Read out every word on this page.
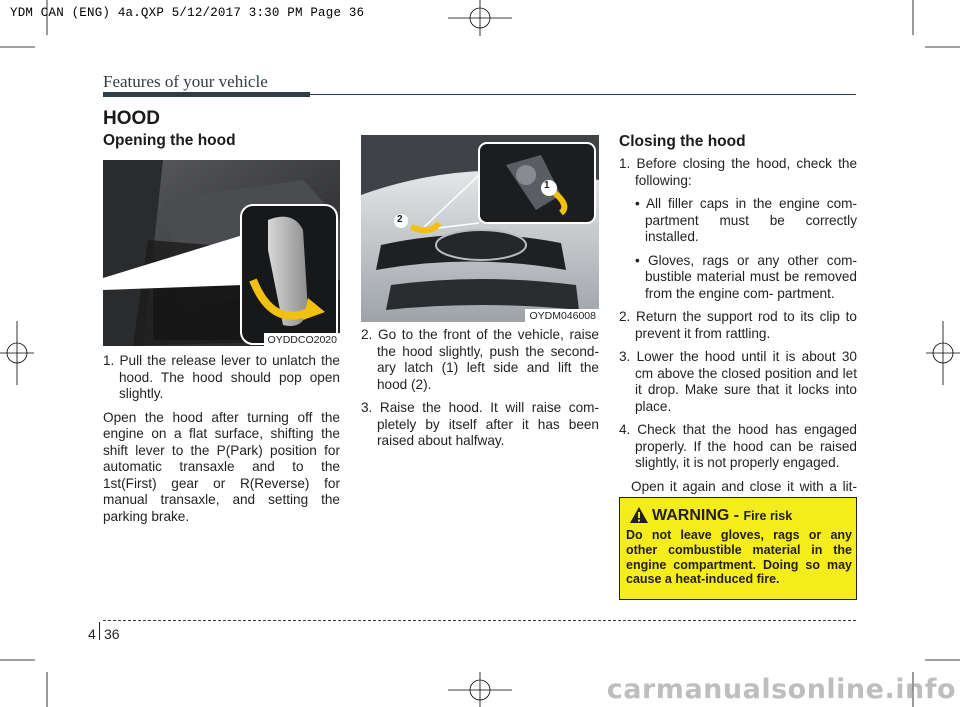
YDM CAN (ENG) 4a.QXP 5/12/2017 3:30 PM Page 36
Features of your vehicle
HOOD
Opening the hood
OYDDCO2020

1. Pull the release lever to unlatch the hood. The hood should pop open slightly.

Open the hood after turning off the engine on a flat surface, shifting the shift lever to the P(Park) position for automatic transaxle and to the 1st(First) gear or R(Reverse) for manual transaxle, and setting the parking brake.

1
2
OYDM046008

2. Go to the front of the vehicle, raise the hood slightly, push the second- ary latch (1) left side and lift the hood (2).

3. Raise the hood. It will raise com- pletely by itself after it has been raised about halfway.

Closing the hood

1. Before closing the hood, check the following:

• All filler caps in the engine com- partment must be correctly installed.

• Gloves, rags or any other com- bustible material must be removed from the engine com- partment.

2. Return the support rod to its clip to prevent it from rattling.

3. Lower the hood until it is about 30 cm above the closed position and let it drop. Make sure that it locks into place.

4. Check that the hood has engaged properly. If the hood can be raised slightly, it is not properly engaged.

Open it again and close it with a lit-

WARNING - Fire risk
Do not leave gloves, rags or any other combustible material in the engine compartment. Doing so may cause a heat-induced fire.
4 36
carmanualsonline.info
